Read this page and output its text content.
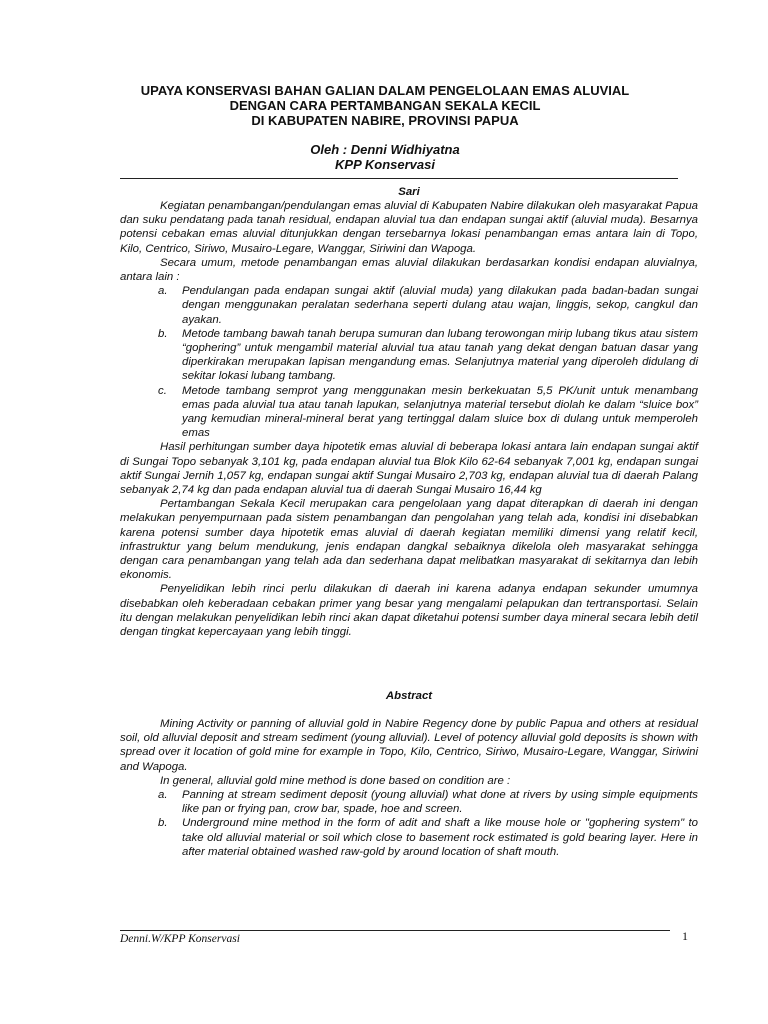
UPAYA KONSERVASI BAHAN GALIAN DALAM PENGELOLAAN EMAS ALUVIAL
DENGAN CARA PERTAMBANGAN SEKALA KECIL
DI KABUPATEN NABIRE, PROVINSI PAPUA
Oleh : Denni Widhiyatna
KPP Konservasi
Sari

Kegiatan penambangan/pendulangan emas aluvial di Kabupaten Nabire dilakukan oleh masyarakat Papua dan suku pendatang pada tanah residual, endapan aluvial tua dan endapan sungai aktif (aluvial muda). Besarnya potensi cebakan emas aluvial ditunjukkan dengan tersebarnya lokasi penambangan emas antara lain di Topo, Kilo, Centrico, Siriwo, Musairo-Legare, Wanggar, Siriwini dan Wapoga.

Secara umum, metode penambangan emas aluvial dilakukan berdasarkan kondisi endapan aluvialnya, antara lain :

a. Pendulangan pada endapan sungai aktif (aluvial muda) yang dilakukan pada badan-badan sungai dengan menggunakan peralatan sederhana seperti dulang atau wajan, linggis, sekop, cangkul dan ayakan.
b. Metode tambang bawah tanah berupa sumuran dan lubang terowongan mirip lubang tikus atau sistem “gophering” untuk mengambil material aluvial tua atau tanah yang dekat dengan batuan dasar yang diperkirakan merupakan lapisan mengandung emas. Selanjutnya material yang diperoleh didulang di sekitar lokasi lubang tambang.
c. Metode tambang semprot yang menggunakan mesin berkekuatan 5,5 PK/unit untuk menambang emas pada aluvial tua atau tanah lapukan, selanjutnya material tersebut diolah ke dalam “sluice box” yang kemudian mineral-mineral berat yang tertinggal dalam sluice box di dulang untuk memperoleh emas

Hasil perhitungan sumber daya hipotetik emas aluvial di beberapa lokasi antara lain endapan sungai aktif di Sungai Topo sebanyak 3,101 kg, pada endapan aluvial tua Blok Kilo 62-64 sebanyak 7,001 kg, endapan sungai aktif Sungai Jernih 1,057 kg, endapan sungai aktif Sungai Musairo 2,703 kg, endapan aluvial tua di daerah Palang sebanyak 2,74 kg dan pada endapan aluvial tua di daerah Sungai Musairo 16,44 kg

Pertambangan Sekala Kecil merupakan cara pengelolaan yang dapat diterapkan di daerah ini dengan melakukan penyempurnaan pada sistem penambangan dan pengolahan yang telah ada, kondisi ini disebabkan karena potensi sumber daya hipotetik emas aluvial di daerah kegiatan memiliki dimensi yang relatif kecil, infrastruktur yang belum mendukung, jenis endapan dangkal sebaiknya dikelola oleh masyarakat sehingga dengan cara penambangan yang telah ada dan sederhana dapat melibatkan masyarakat di sekitarnya dan lebih ekonomis.

Penyelidikan lebih rinci perlu dilakukan di daerah ini karena adanya endapan sekunder umumnya disebabkan oleh keberadaan cebakan primer yang besar yang mengalami pelapukan dan tertransportasi. Selain itu dengan melakukan penyelidikan lebih rinci akan dapat diketahui potensi sumber daya mineral secara lebih detil dengan tingkat kepercayaan yang lebih tinggi.

Abstract

Mining Activity or panning of alluvial gold in Nabire Regency done by public Papua and others at residual soil, old alluvial deposit and stream sediment (young alluvial). Level of potency alluvial gold deposits is shown with spread over it location of gold mine for example in Topo, Kilo, Centrico, Siriwo, Musairo-Legare, Wanggar, Siriwini and Wapoga.

In general, alluvial gold mine method is done based on condition are :

a. Panning at stream sediment deposit (young alluvial) what done at rivers by using simple equipments like pan or frying pan, crow bar, spade, hoe and screen.
b. Underground mine method in the form of adit and shaft a like mouse hole or "gophering system" to take old alluvial material or soil which close to basement rock estimated is gold bearing layer. Here in after material obtained washed raw-gold by around location of shaft mouth.
Denni.W/KPP Konservasi	1
